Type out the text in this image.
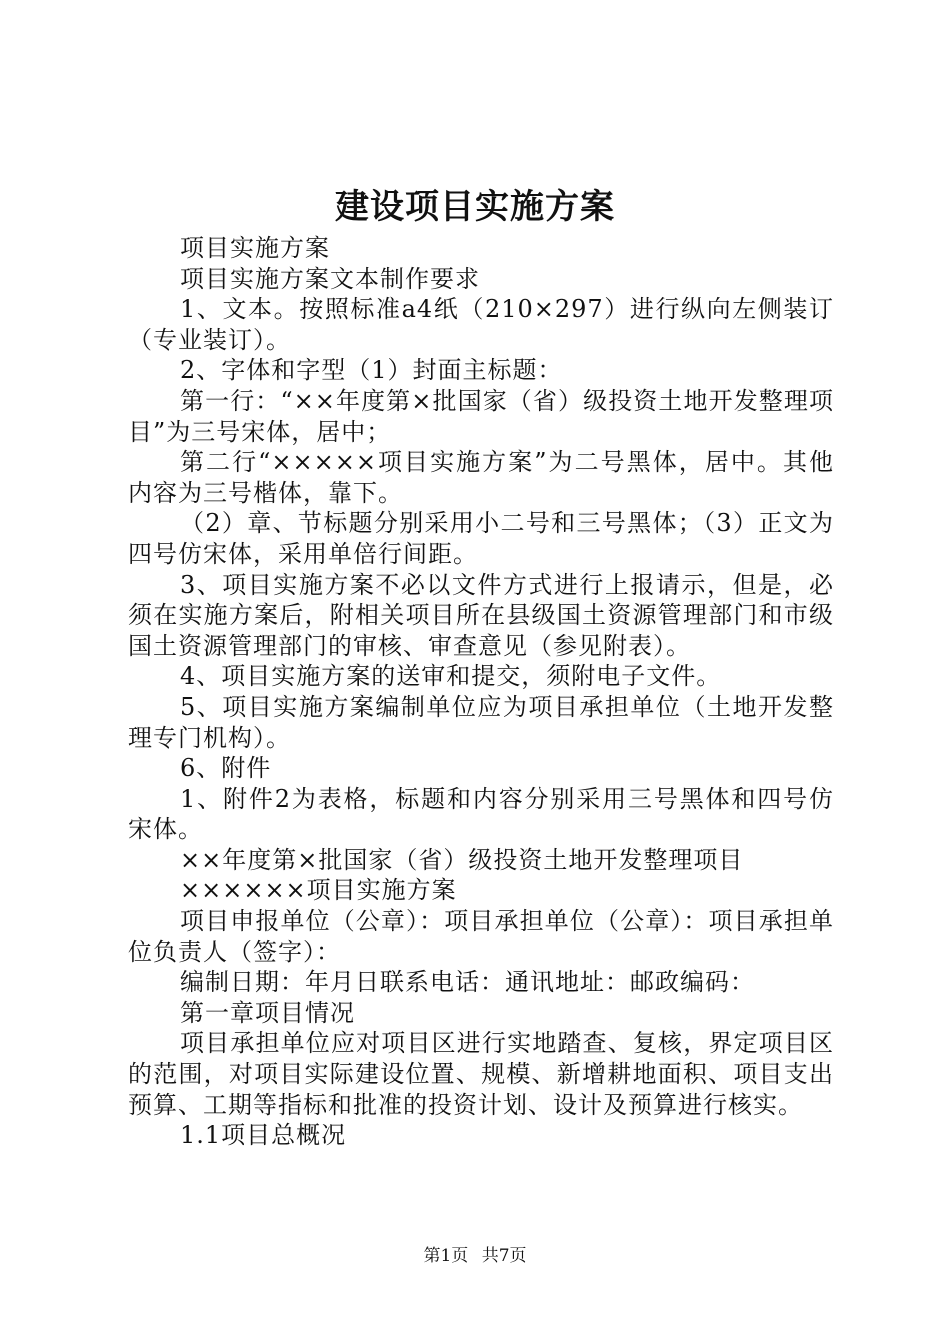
建设项目实施方案

项目实施方案

项目实施方案文本制作要求

1、文本。按照标准a4纸（210×297）进行纵向左侧装订（专业装订）。

2、字体和字型（1）封面主标题：

第一行：“××年度第×批国家（省）级投资土地开发整理项目”为三号宋体，居中；

第二行“×××××项目实施方案”为二号黑体，居中。其他内容为三号楷体，靠下。

（2）章、节标题分别采用小二号和三号黑体；（3）正文为四号仿宋体，采用单倍行间距。

3、项目实施方案不必以文件方式进行上报请示，但是，必须在实施方案后，附相关项目所在县级国土资源管理部门和市级国土资源管理部门的审核、审查意见（参见附表）。

4、项目实施方案的送审和提交，须附电子文件。

5、项目实施方案编制单位应为项目承担单位（土地开发整理专门机构）。

6、附件

1、附件2为表格，标题和内容分别采用三号黑体和四号仿宋体。

××年度第×批国家（省）级投资土地开发整理项目

××××××项目实施方案

项目申报单位（公章）：项目承担单位（公章）：项目承担单位负责人（签字）：

编制日期：年月日联系电话：通讯地址：邮政编码：

第一章项目情况

项目承担单位应对项目区进行实地踏查、复核，界定项目区的范围，对项目实际建设位置、规模、新增耕地面积、项目支出预算、工期等指标和批准的投资计划、设计及预算进行核实。

1.1项目总概况

第1页 共7页
